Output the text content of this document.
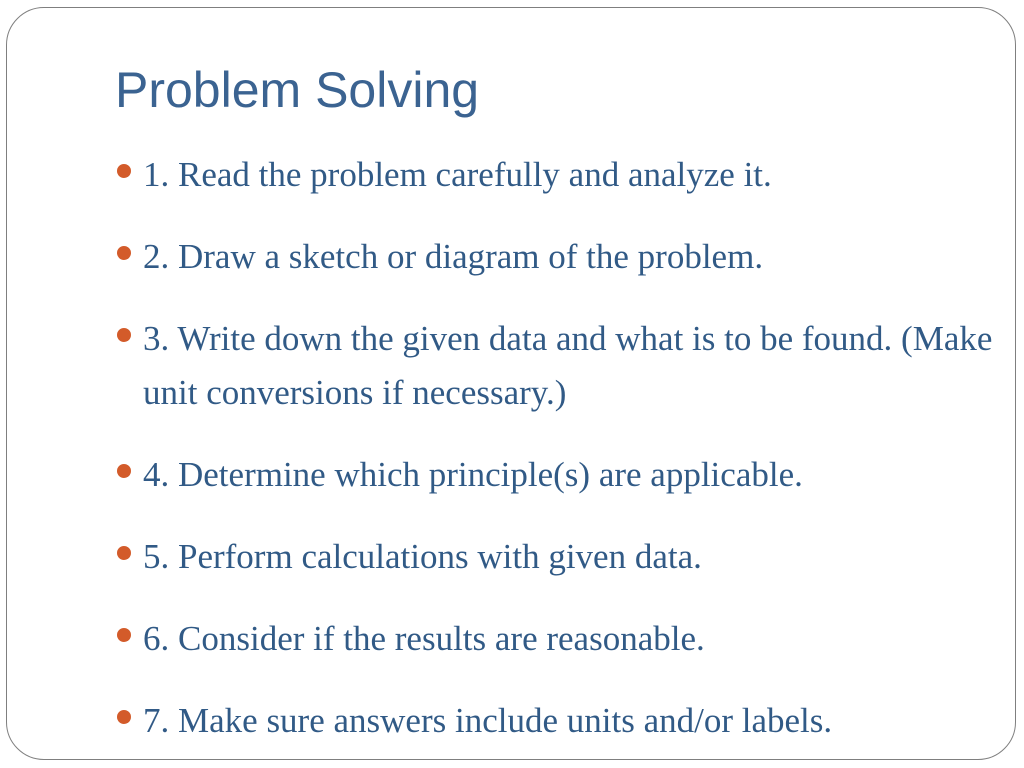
Problem Solving
1. Read the problem carefully and analyze it.
2. Draw a sketch or diagram of the problem.
3. Write down the given data and what is to be found. (Make unit conversions if necessary.)
4. Determine which principle(s) are applicable.
5. Perform calculations with given data.
6. Consider if the results are reasonable.
7. Make sure answers include units and/or labels.
